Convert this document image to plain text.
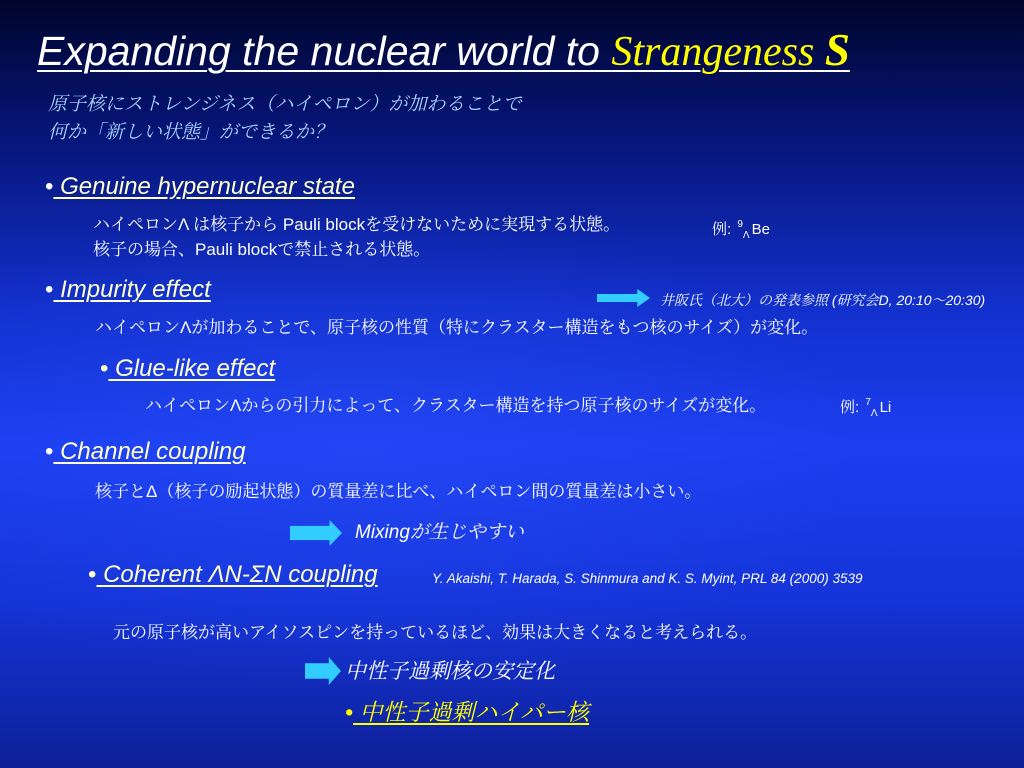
Expanding the nuclear world to Strangeness S
原子核にストレンジネス（ハイペロン）が加わることで
何か「新しい状態」ができるか？
• Genuine hypernuclear state
ハイペロンΛ は核子から Pauli blockを受けないために実現する状態。	例: $^9_\Lambda$ Be
核子の場合、Pauli blockで禁止される状態。
• Impurity effect	井阪氏（北大）の発表参照 (研究会D, 20:10～20:30)
ハイペロンΛが加わることで、原子核の性質（特にクラスター構造をもつ核のサイズ）が変化。
• Glue-like effect
ハイペロンΛからの引力によって、クラスター構造を持つ原子核のサイズが変化。	例: $^7_\Lambda$ Li
• Channel coupling
核子とΔ（核子の励起状態）の質量差に比べ、ハイペロン間の質量差は小さい。
Mixingが生じやすい
• Coherent ΛN-ΣN coupling	Y. Akaishi, T. Harada, S. Shinmura and K. S. Myint, PRL 84 (2000) 3539
元の原子核が高いアイソスピンを持っているほど、効果は大きくなると考えられる。
中性子過剰核の安定化
• 中性子過剰ハイパー核
